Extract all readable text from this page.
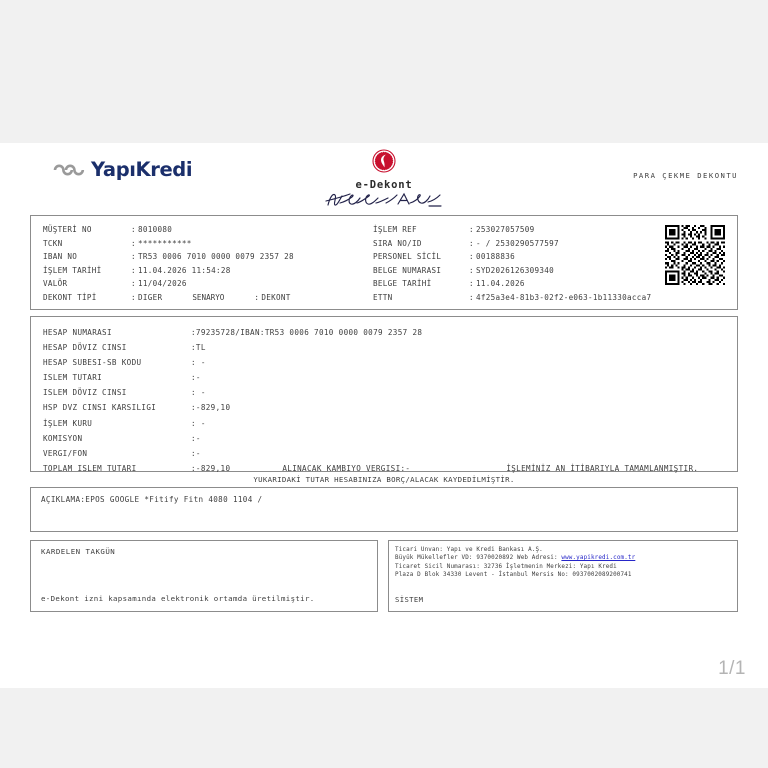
YapıKredi
e-Dekont
PARA ÇEKME DEKONTU
MÜŞTERİ NO	: 8010080
TCKN	: ***********
IBAN NO	: TR53 0006 7010 0000 0079 2357 28
İŞLEM TARİHİ	: 11.04.2026 11:54:28
VALÖR	: 11/04/2026
DEKONT TİPİ	: DIGER	SENARYO	: DEKONT
İŞLEM REF	: 253027057509
SIRA NO/ID	: - / 2530290577597
PERSONEL SİCİL	: 00188836
BELGE NUMARASI	: SYD2026126309340
BELGE TARİHİ	: 11.04.2026
ETTN	: 4f25a3e4-81b3-02f2-e063-1b11330acca7
HESAP NUMARASI	:79235728/IBAN:TR53 0006 7010 0000 0079 2357 28
HESAP DÖVIZ CINSI	:TL
HESAP SUBESI-SB KODU	: -
ISLEM TUTARI	:-
ISLEM DÖVIZ CINSI	: -
HSP DVZ CINSI KARSILIGI	:-829,10
İŞLEM KURU	: -
KOMISYON	:-
VERGI/FON	:-
TOPLAM ISLEM TUTARI	:-829,10	ALINACAK KAMBIYO VERGISI:-	İŞLEMİNİZ AN İTİBARIYLA TAMAMLANMIŞTIR.
YUKARIDAKİ TUTAR HESABINIZA BORÇ/ALACAK KAYDEDİLMİŞTİR.
AÇIKLAMA:EPOS GOOGLE *Fitify Fitn 4080 1104 /
KARDELEN TAKGÜN
e-Dekont izni kapsamında elektronik ortamda üretilmiştir.
Ticari Unvan: Yapı ve Kredi Bankası A.Ş.
Büyük Mükellefler VD: 9370020892 Web Adresi: www.yapikredi.com.tr
Ticaret Sicil Numarası: 32736 İşletmenin Merkezi: Yapı Kredi
Plaza D Blok 34330 Levent - İstanbul Mersis No: 0937002089200741
SİSTEM
1/1
